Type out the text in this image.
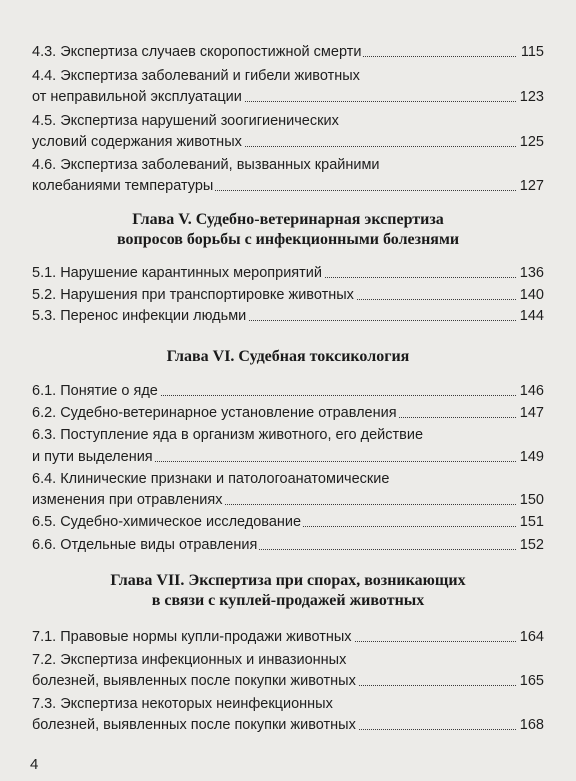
4.3. Экспертиза случаев скоропостижной смерти	115
4.4. Экспертиза заболеваний и гибели животных
от неправильной эксплуатации	123
4.5. Экспертиза нарушений зоогигиенических
условий содержания животных	125
4.6. Экспертиза заболеваний, вызванных крайними
колебаниями температуры	127
Глава V. Судебно-ветеринарная экспертиза
вопросов борьбы с инфекционными болезнями
5.1. Нарушение карантинных мероприятий	136
5.2. Нарушения при транспортировке животных	140
5.3. Перенос инфекции людьми	144
Глава VI. Судебная токсикология
6.1. Понятие о яде	146
6.2. Судебно-ветеринарное установление отравления	147
6.3. Поступление яда в организм животного, его действие
и пути выделения	149
6.4. Клинические признаки и патологоанатомические
изменения при отравлениях	150
6.5. Судебно-химическое исследование	151
6.6. Отдельные виды отравления	152
Глава VII. Экспертиза при спорах, возникающих
в связи с куплей-продажей животных
7.1. Правовые нормы купли-продажи животных	164
7.2. Экспертиза инфекционных и инвазионных
болезней, выявленных после покупки животных	165
7.3. Экспертиза некоторых неинфекционных
болезней, выявленных после покупки животных	168
4
